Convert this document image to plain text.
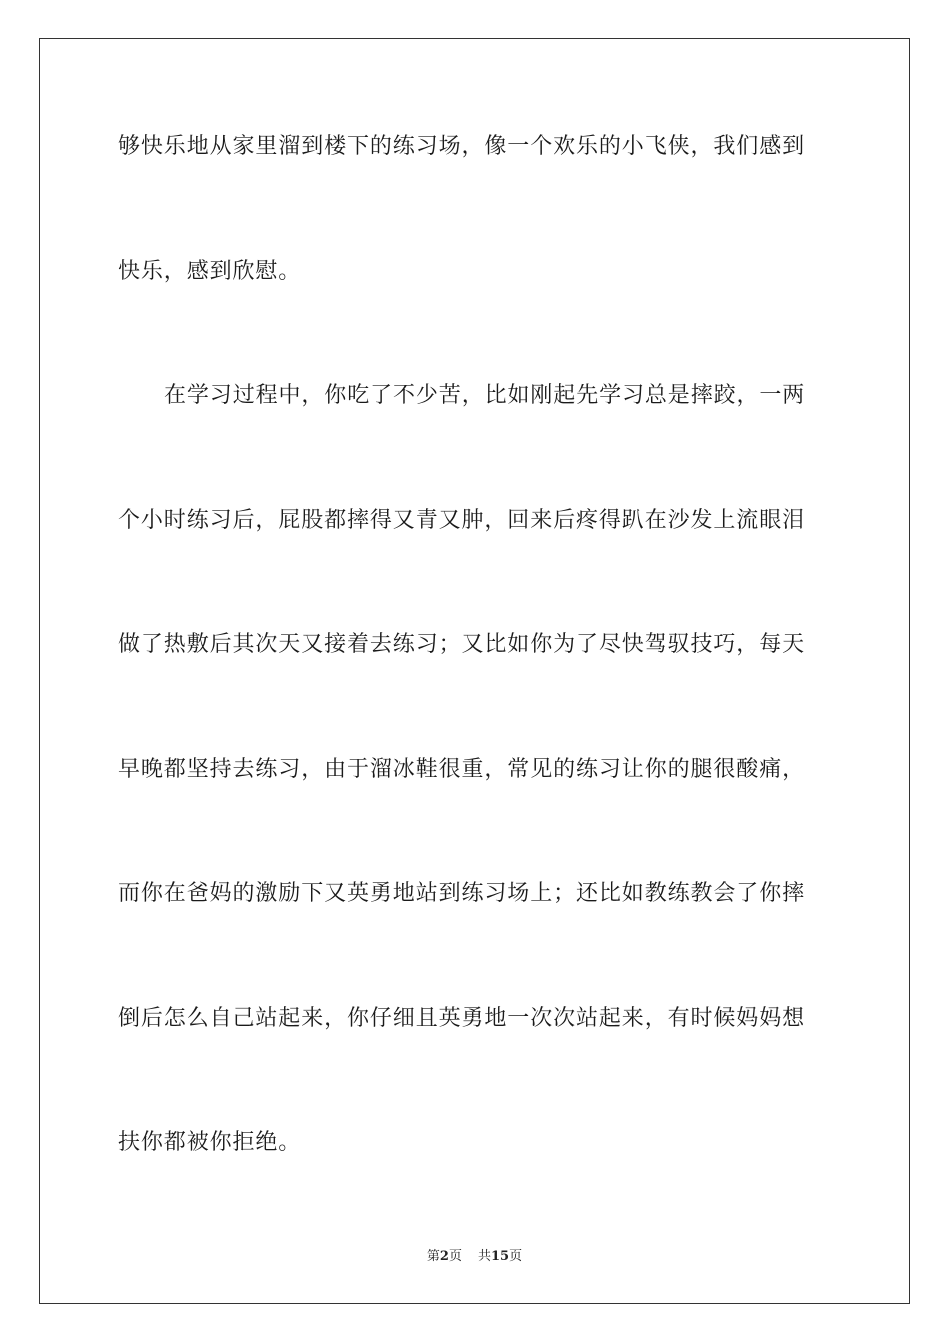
够快乐地从家里溜到楼下的练习场，像一个欢乐的小飞侠，我们感到
快乐，感到欣慰。
在学习过程中，你吃了不少苦，比如刚起先学习总是摔跤，一两
个小时练习后，屁股都摔得又青又肿，回来后疼得趴在沙发上流眼泪
做了热敷后其次天又接着去练习；又比如你为了尽快驾驭技巧，每天
早晚都坚持去练习，由于溜冰鞋很重，常见的练习让你的腿很酸痛，
而你在爸妈的激励下又英勇地站到练习场上；还比如教练教会了你摔
倒后怎么自己站起来，你仔细且英勇地一次次站起来，有时候妈妈想
扶你都被你拒绝。
第2页 共15页
